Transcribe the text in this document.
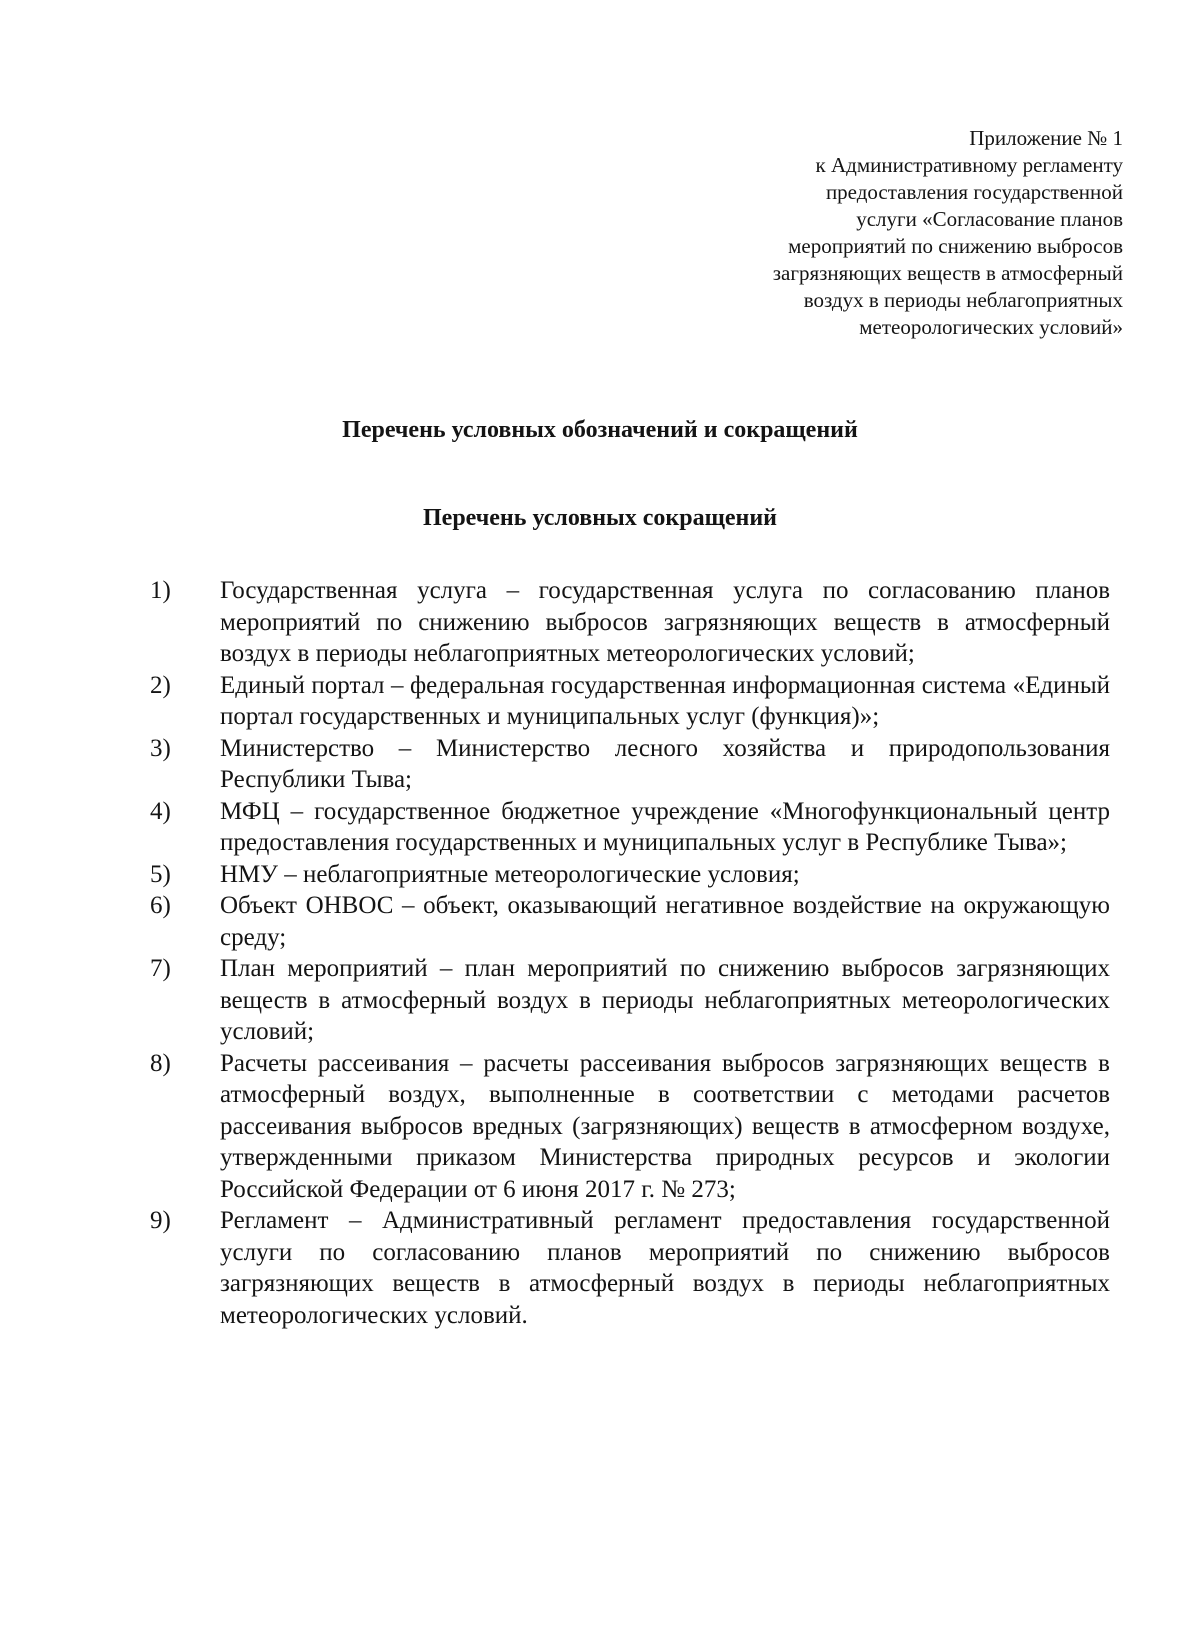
Приложение № 1
к Административному регламенту
предоставления государственной
услуги «Согласование планов
мероприятий по снижению выбросов
загрязняющих веществ в атмосферный
воздух в периоды неблагоприятных
метеорологических условий»
Перечень условных обозначений и сокращений
Перечень условных сокращений
1)	Государственная услуга – государственная услуга по согласованию планов мероприятий по снижению выбросов загрязняющих веществ в атмосферный воздух в периоды неблагоприятных метеорологических условий;
2)	Единый портал – федеральная государственная информационная система «Единый портал государственных и муниципальных услуг (функция)»;
3)	Министерство – Министерство лесного хозяйства и природопользования Республики Тыва;
4)	МФЦ – государственное бюджетное учреждение «Многофункциональный центр предоставления государственных и муниципальных услуг в Республике Тыва»;
5)	НМУ – неблагоприятные метеорологические условия;
6)	Объект ОНВОС – объект, оказывающий негативное воздействие на окружающую среду;
7)	План мероприятий – план мероприятий по снижению выбросов загрязняющих веществ в атмосферный воздух в периоды неблагоприятных метеорологических условий;
8)	Расчеты рассеивания – расчеты рассеивания выбросов загрязняющих веществ в атмосферный воздух, выполненные в соответствии с методами расчетов рассеивания выбросов вредных (загрязняющих) веществ в атмосферном воздухе, утвержденными приказом Министерства природных ресурсов и экологии Российской Федерации от 6 июня 2017 г. № 273;
9)	Регламент – Административный регламент предоставления государственной услуги по согласованию планов мероприятий по снижению выбросов загрязняющих веществ в атмосферный воздух в периоды неблагоприятных метеорологических условий.
